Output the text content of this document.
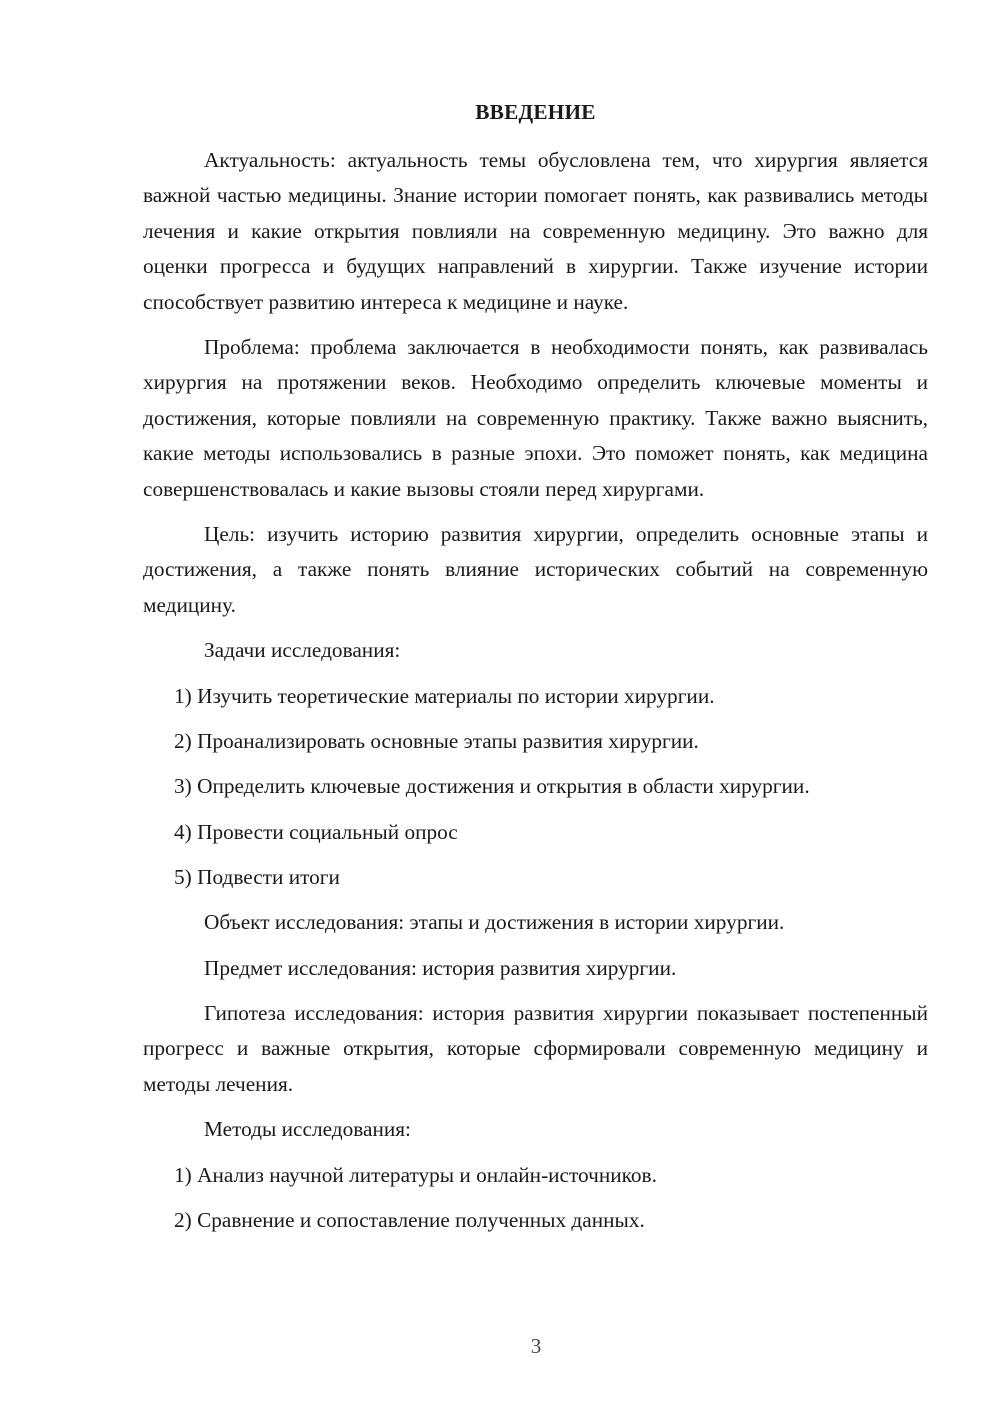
ВВЕДЕНИЕ

Актуальность: актуальность темы обусловлена тем, что хирургия является важной частью медицины. Знание истории помогает понять, как развивались методы лечения и какие открытия повлияли на современную медицину. Это важно для оценки прогресса и будущих направлений в хирургии. Также изучение истории способствует развитию интереса к медицине и науке.

Проблема: проблема заключается в необходимости понять, как развивалась хирургия на протяжении веков. Необходимо определить ключевые моменты и достижения, которые повлияли на современную практику. Также важно выяснить, какие методы использовались в разные эпохи. Это поможет понять, как медицина совершенствовалась и какие вызовы стояли перед хирургами.

Цель: изучить историю развития хирургии, определить основные этапы и достижения, а также понять влияние исторических событий на современную медицину.

Задачи исследования:
1) Изучить теоретические материалы по истории хирургии.
2) Проанализировать основные этапы развития хирургии.
3) Определить ключевые достижения и открытия в области хирургии.
4) Провести социальный опрос
5) Подвести итоги
Объект исследования: этапы и достижения в истории хирургии.
Предмет исследования: история развития хирургии.

Гипотеза исследования: история развития хирургии показывает постепенный прогресс и важные открытия, которые сформировали современную медицину и методы лечения.

Методы исследования:
1) Анализ научной литературы и онлайн-источников.
2) Сравнение и сопоставление полученных данных.
3
